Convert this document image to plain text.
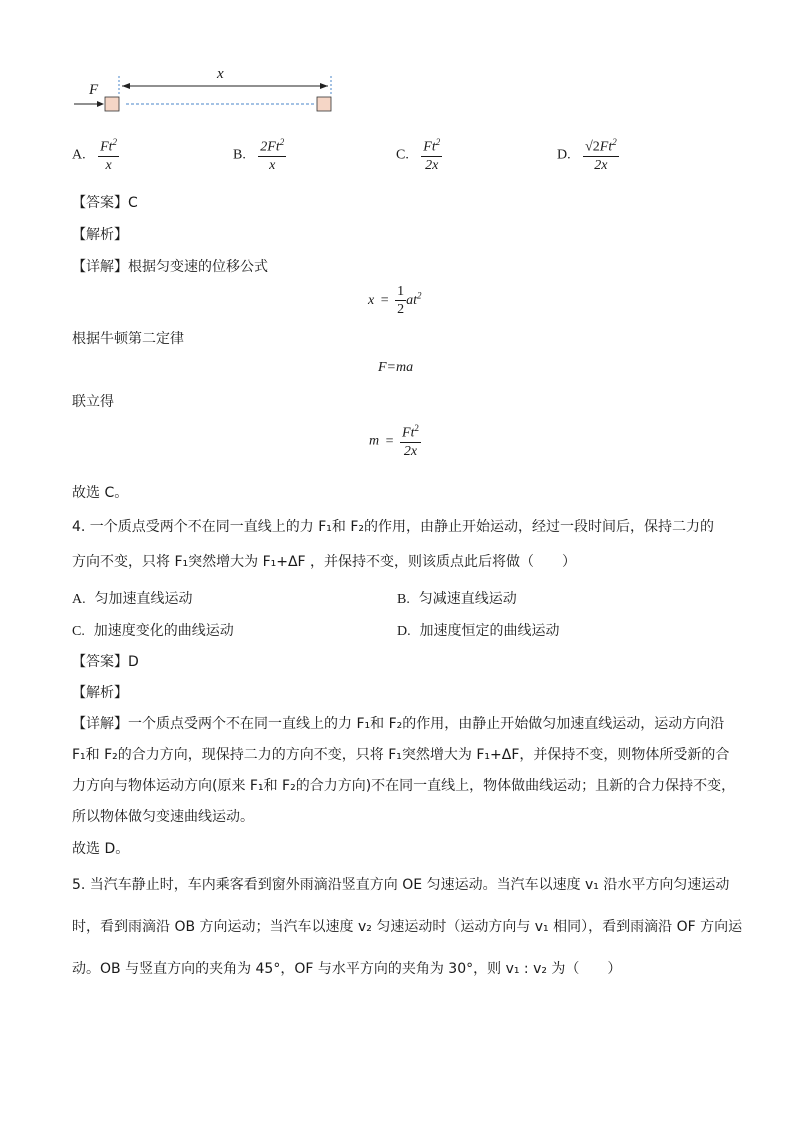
F
x
A. $\frac{Ft^2}{x}$	B. $\frac{2Ft^2}{x}$	C. $\frac{Ft^2}{2x}$	D. $\frac{√2Ft^2}{2x}$
【答案】C
【解析】
【详解】根据匀变速的位移公式
$x = \frac{1}{2} at^2$
根据牛顿第二定律
F=ma
联立得
$m = \frac{Ft^2}{2x}$
故选 C。
4. 一个质点受两个不在同一直线上的力 F₁和 F₂的作用，由静止开始运动，经过一段时间后，保持二力的
方向不变，只将 F₁突然增大为 F₁+ΔF ，并保持不变，则该质点此后将做（　　）
A. 匀加速直线运动	B. 匀减速直线运动
C. 加速度变化的曲线运动	D. 加速度恒定的曲线运动
【答案】D
【解析】
【详解】一个质点受两个不在同一直线上的力 F₁和 F₂的作用，由静止开始做匀加速直线运动，运动方向沿
F₁和 F₂的合力方向，现保持二力的方向不变，只将 F₁突然增大为 F₁+ΔF，并保持不变，则物体所受新的合
力方向与物体运动方向(原来 F₁和 F₂的合力方向)不在同一直线上，物体做曲线运动；且新的合力保持不变，
所以物体做匀变速曲线运动。
故选 D。
5. 当汽车静止时，车内乘客看到窗外雨滴沿竖直方向 OE 匀速运动。当汽车以速度 v₁ 沿水平方向匀速运动
时，看到雨滴沿 OB 方向运动；当汽车以速度 v₂ 匀速运动时（运动方向与 v₁ 相同），看到雨滴沿 OF 方向运
动。OB 与竖直方向的夹角为 45°，OF 与水平方向的夹角为 30°，则 v₁ : v₂ 为（　　）
